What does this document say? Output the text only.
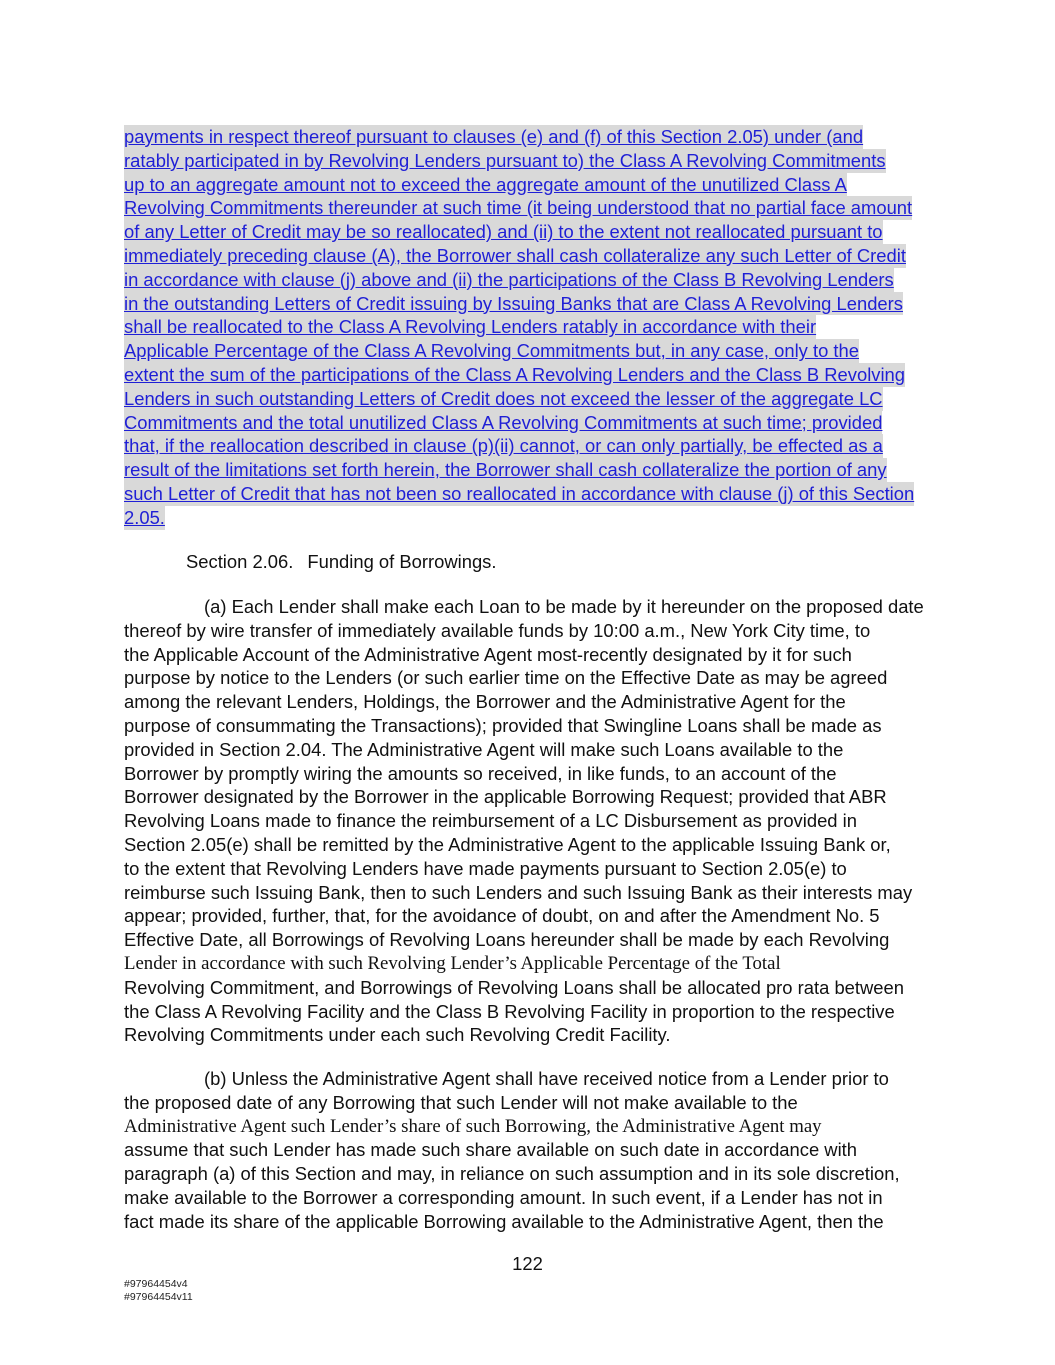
payments in respect thereof pursuant to clauses (e) and (f) of this Section 2.05) under (and
ratably participated in by Revolving Lenders pursuant to) the Class A Revolving Commitments
up to an aggregate amount not to exceed the aggregate amount of the unutilized Class A
Revolving Commitments thereunder at such time (it being understood that no partial face amount
of any Letter of Credit may be so reallocated) and (ii) to the extent not reallocated pursuant to
immediately preceding clause (A), the Borrower shall cash collateralize any such Letter of Credit
in accordance with clause (j) above and (ii) the participations of the Class B Revolving Lenders
in the outstanding Letters of Credit issuing by Issuing Banks that are Class A Revolving Lenders
shall be reallocated to the Class A Revolving Lenders ratably in accordance with their
Applicable Percentage of the Class A Revolving Commitments but, in any case, only to the
extent the sum of the participations of the Class A Revolving Lenders and the Class B Revolving
Lenders in such outstanding Letters of Credit does not exceed the lesser of the aggregate LC
Commitments and the total unutilized Class A Revolving Commitments at such time; provided
that, if the reallocation described in clause (p)(ii) cannot, or can only partially, be effected as a
result of the limitations set forth herein, the Borrower shall cash collateralize the portion of any
such Letter of Credit that has not been so reallocated in accordance with clause (j) of this Section
2.05.
Section 2.06. Funding of Borrowings.
(a) Each Lender shall make each Loan to be made by it hereunder on the proposed date
thereof by wire transfer of immediately available funds by 10:00 a.m., New York City time, to
the Applicable Account of the Administrative Agent most-recently designated by it for such
purpose by notice to the Lenders (or such earlier time on the Effective Date as may be agreed
among the relevant Lenders, Holdings, the Borrower and the Administrative Agent for the
purpose of consummating the Transactions); provided that Swingline Loans shall be made as
provided in Section 2.04. The Administrative Agent will make such Loans available to the
Borrower by promptly wiring the amounts so received, in like funds, to an account of the
Borrower designated by the Borrower in the applicable Borrowing Request; provided that ABR
Revolving Loans made to finance the reimbursement of a LC Disbursement as provided in
Section 2.05(e) shall be remitted by the Administrative Agent to the applicable Issuing Bank or,
to the extent that Revolving Lenders have made payments pursuant to Section 2.05(e) to
reimburse such Issuing Bank, then to such Lenders and such Issuing Bank as their interests may
appear; provided, further, that, for the avoidance of doubt, on and after the Amendment No. 5
Effective Date, all Borrowings of Revolving Loans hereunder shall be made by each Revolving
Lender in accordance with such Revolving Lender’s Applicable Percentage of the Total
Revolving Commitment, and Borrowings of Revolving Loans shall be allocated pro rata between
the Class A Revolving Facility and the Class B Revolving Facility in proportion to the respective
Revolving Commitments under each such Revolving Credit Facility.
(b) Unless the Administrative Agent shall have received notice from a Lender prior to
the proposed date of any Borrowing that such Lender will not make available to the
Administrative Agent such Lender’s share of such Borrowing, the Administrative Agent may
assume that such Lender has made such share available on such date in accordance with
paragraph (a) of this Section and may, in reliance on such assumption and in its sole discretion,
make available to the Borrower a corresponding amount. In such event, if a Lender has not in
fact made its share of the applicable Borrowing available to the Administrative Agent, then the
122
#97964454v4
#97964454v11
